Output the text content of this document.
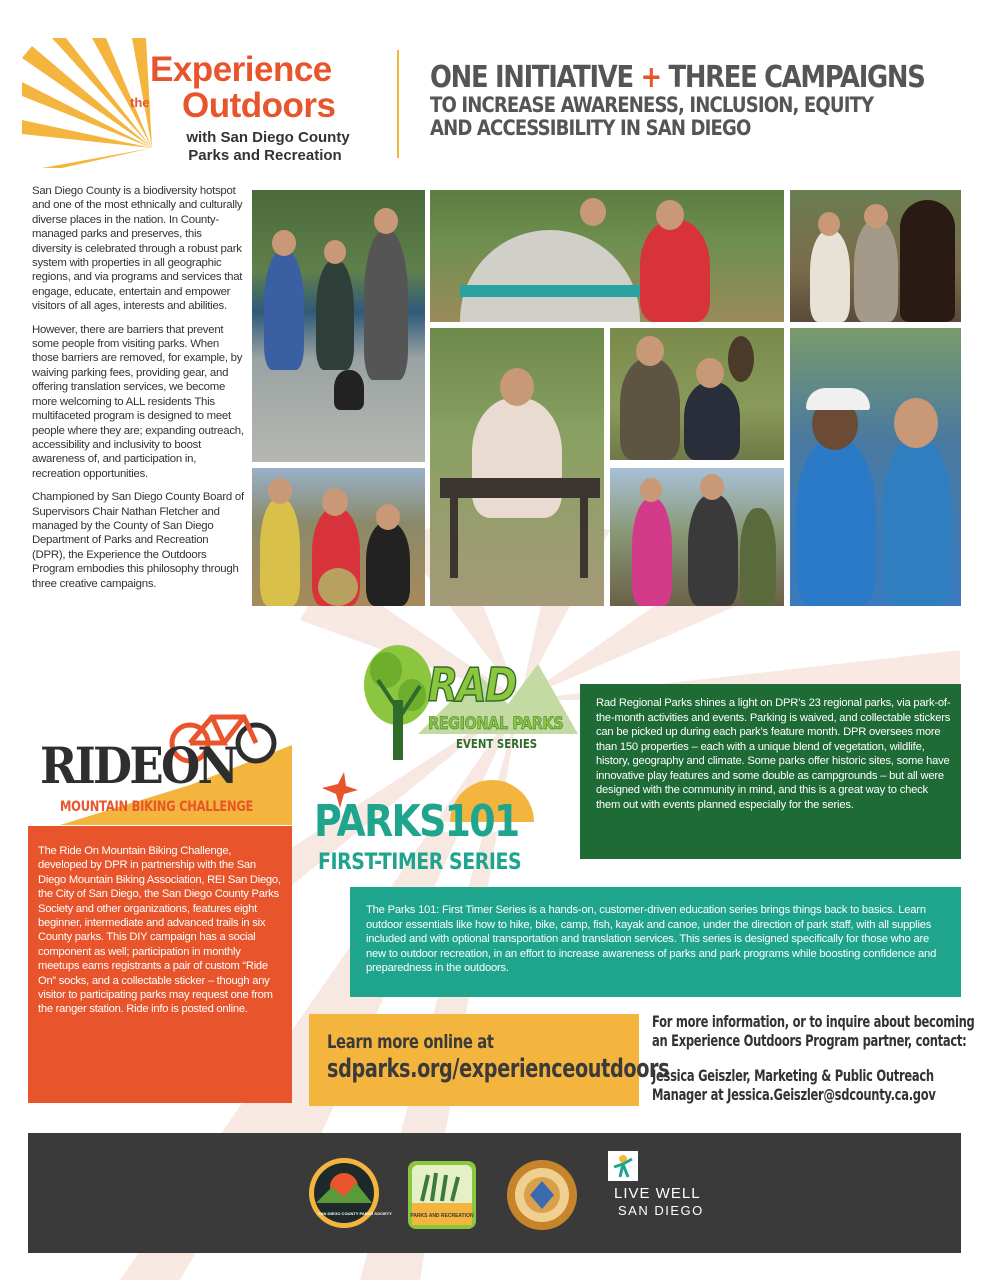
Experience
the Outdoors
with San Diego County
Parks and Recreation
ONE INITIATIVE + THREE CAMPAIGNS
TO INCREASE AWARENESS, INCLUSION, EQUITY
AND ACCESSIBILITY IN SAN DIEGO

San Diego County is a biodiversity hotspot and one of the most ethnically and culturally diverse places in the nation. In County-managed parks and preserves, this diversity is celebrated through a robust park system with properties in all geographic regions, and via programs and services that engage, educate, entertain and empower visitors of all ages, interests and abilities.

However, there are barriers that prevent some people from visiting parks. When those barriers are removed, for example, by waiving parking fees, providing gear, and offering translation services, we become more welcoming to ALL residents This multifaceted program is designed to meet people where they are; expanding outreach, accessibility and inclusivity to boost awareness of, and participation in, recreation opportunities.

Championed by San Diego County Board of Supervisors Chair Nathan Fletcher and managed by the County of San Diego Department of Parks and Recreation (DPR), the Experience the Outdoors Program embodies this philosophy through three creative campaigns.

RAD
REGIONAL PARKS
EVENT SERIES
Rad Regional Parks shines a light on DPR’s 23 regional parks, via park-of-the-month activities and events. Parking is waived, and collectable stickers can be picked up during each park’s feature month. DPR oversees more than 150 properties – each with a unique blend of vegetation, wildlife, history, geography and climate. Some parks offer historic sites, some have innovative play features and some double as campgrounds – but all were designed with the community in mind, and this is a great way to check them out with events planned especially for the series.
RIDEON
MOUNTAIN BIKING CHALLENGE
The Ride On Mountain Biking Challenge, developed by DPR in partnership with the San Diego Mountain Biking Association, REI San Diego, the City of San Diego, the San Diego County Parks Society and other organizations, features eight beginner, intermediate and advanced trails in six County parks. This DIY campaign has a social component as well; participation in monthly meetups earns registrants a pair of custom “Ride On” socks, and a collectable sticker – though any visitor to participating parks may request one from the ranger station. Ride info is posted online.
PARKS101
FIRST-TIMER SERIES
The Parks 101: First Timer Series is a hands-on, customer-driven education series brings things back to basics. Learn outdoor essentials like how to hike, bike, camp, fish, kayak and canoe, under the direction of park staff, with all supplies included and with optional transportation and translation services. This series is designed specifically for those who are new to outdoor recreation, in an effort to increase awareness of parks and park programs while boosting confidence and preparedness in the outdoors.
Learn more online at
sdparks.org/experienceoutdoors
For more information, or to inquire about becoming
an Experience Outdoors Program partner, contact:
Jessica Geiszler, Marketing & Public Outreach
Manager at Jessica.Geiszler@sdcounty.ca.gov
SAN DIEGO COUNTY PARKS SOCIETY	PARKS AND RECREATION
LIVE WELL
SAN DIEGO
